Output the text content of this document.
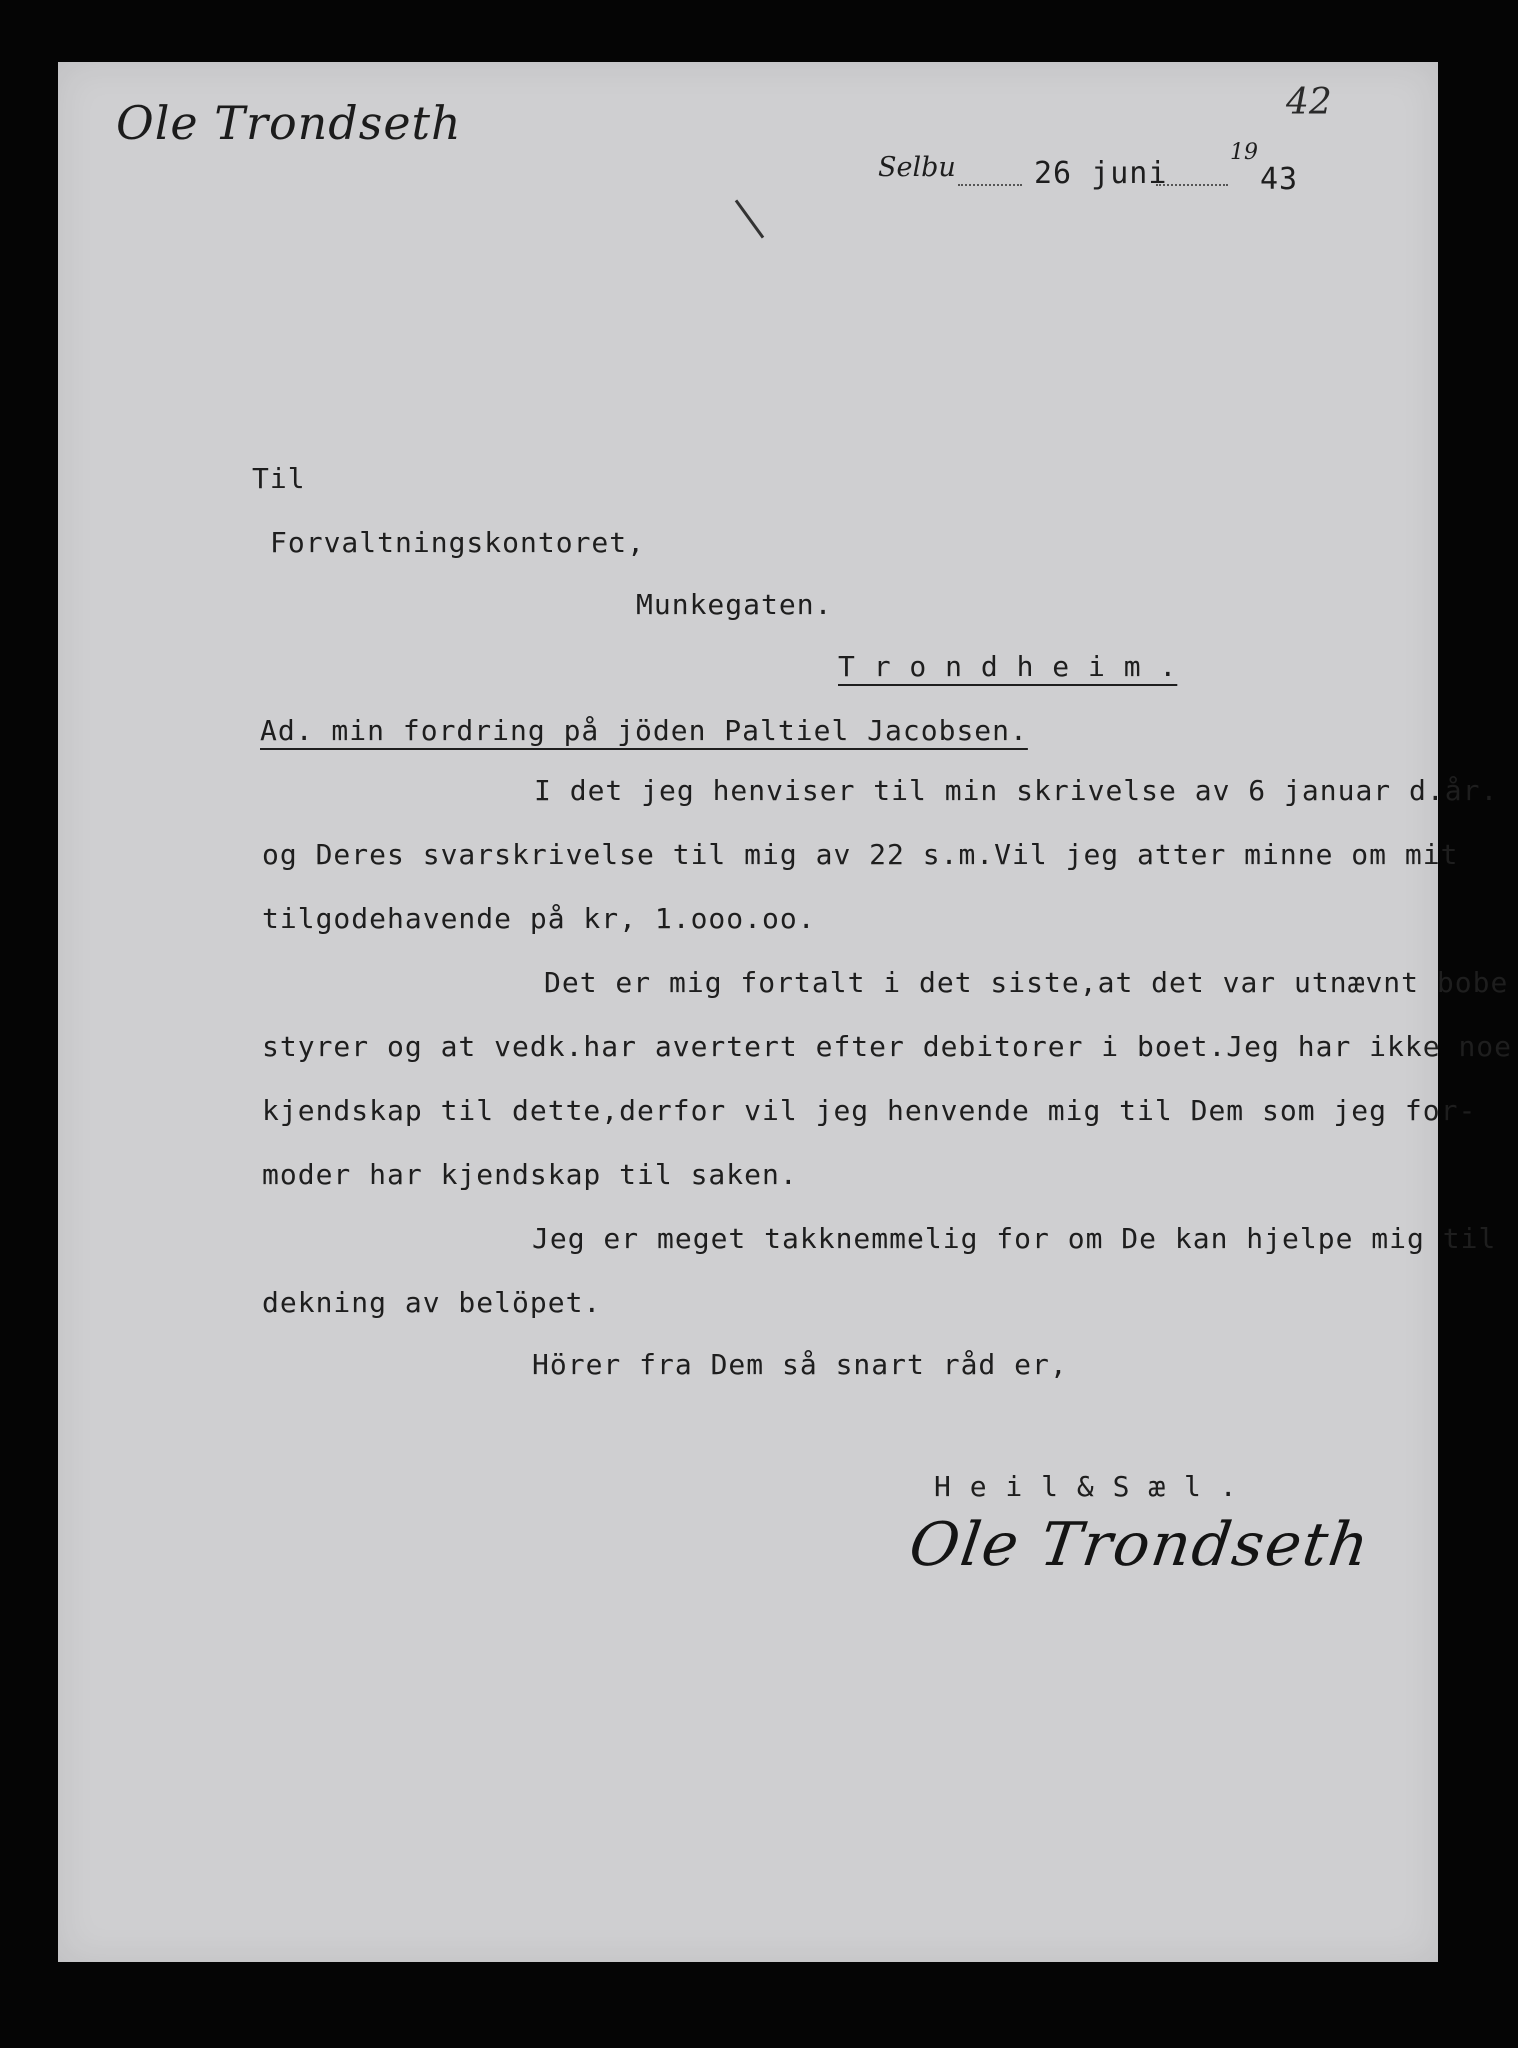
Ole Trondseth	42
Selbu	26 juni
19
43
Til
Forvaltningskontoret,
Munkegaten.
T r o n d h e i m .
Ad. min fordring på jöden Paltiel Jacobsen.
I det jeg henviser til min skrivelse av 6 januar d.år.
og Deres svarskrivelse til mig av 22 s.m.Vil jeg atter minne om mit
tilgodehavende på kr, 1.ooo.oo.
Det er mig fortalt i det siste,at det var utnævnt bobe
styrer og at vedk.har avertert efter debitorer i boet.Jeg har ikke noe
kjendskap til dette,derfor vil jeg henvende mig til Dem som jeg for-
moder har kjendskap til saken.
Jeg er meget takknemmelig for om De kan hjelpe mig til
dekning av belöpet.
Hörer fra Dem så snart råd er,
H e i l & S æ l .
Ole Trondseth
